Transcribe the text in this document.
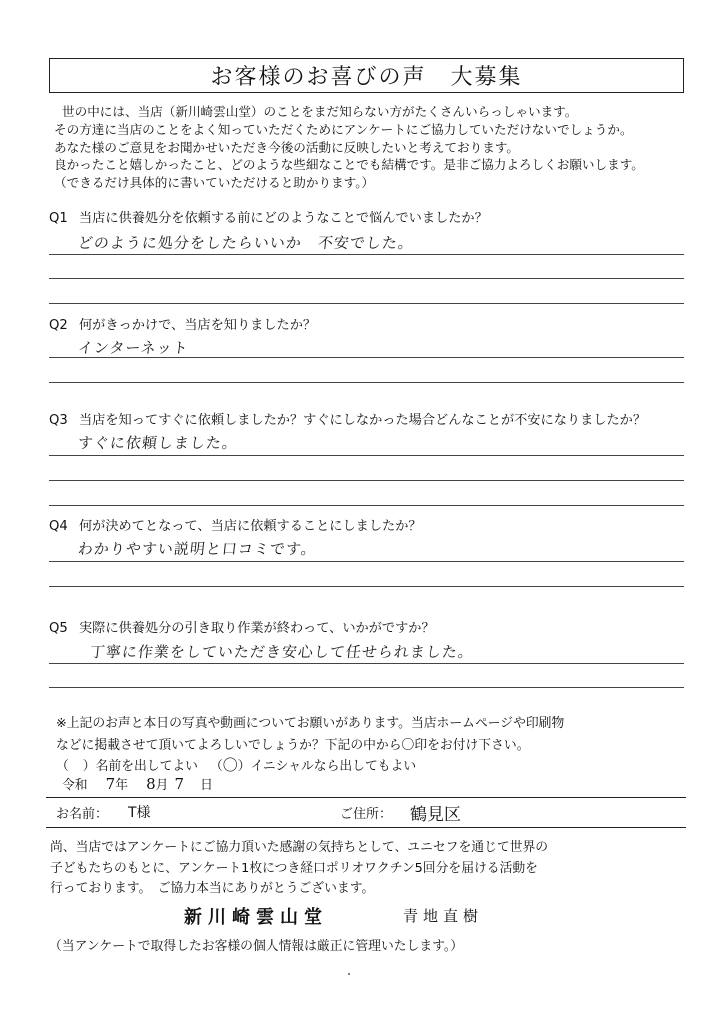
お客様のお喜びの声　大募集
世の中には、当店（新川崎雲山堂）のことをまだ知らない方がたくさんいらっしゃいます。
その方達に当店のことをよく知っていただくためにアンケートにご協力していただけないでしょうか。
あなた様のご意見をお聞かせいただき今後の活動に反映したいと考えております。
良かったこと嬉しかったこと、どのような些細なことでも結構です。是非ご協力よろしくお願いします。
（できるだけ具体的に書いていただけると助かります。）
Q1 当店に供養処分を依頼する前にどのようなことで悩んでいましたか？
どのように処分をしたらいいか　不安でした。
Q2 何がきっかけで、当店を知りましたか？
インターネット
Q3 当店を知ってすぐに依頼しましたか？すぐにしなかった場合どんなことが不安になりましたか？
すぐに依頼しました。
Q4 何が決めてとなって、当店に依頼することにしましたか？
わかりやすい説明と口コミです。
Q5 実際に供養処分の引き取り作業が終わって、いかがですか？
丁寧に作業をしていただき安心して任せられました。
※上記のお声と本日の写真や動画についてお願いがあります。当店ホームページや印刷物
などに掲載させて頂いてよろしいでしょうか？下記の中から〇印をお付け下さい。
（ ）名前を出してよい （〇）イニシャルなら出してもよい
令和 7年 8月 7 日
お名前： T様	ご住所： 鶴見区
尚、当店ではアンケートにご協力頂いた感謝の気持ちとして、ユニセフを通じて世界の
子どもたちのもとに、アンケート1枚につき経口ポリオワクチン5回分を届ける活動を
行っております。　ご協力本当にありがとうございます。
新川崎雲山堂	青地直樹
（当アンケートで取得したお客様の個人情報は厳正に管理いたします。）
